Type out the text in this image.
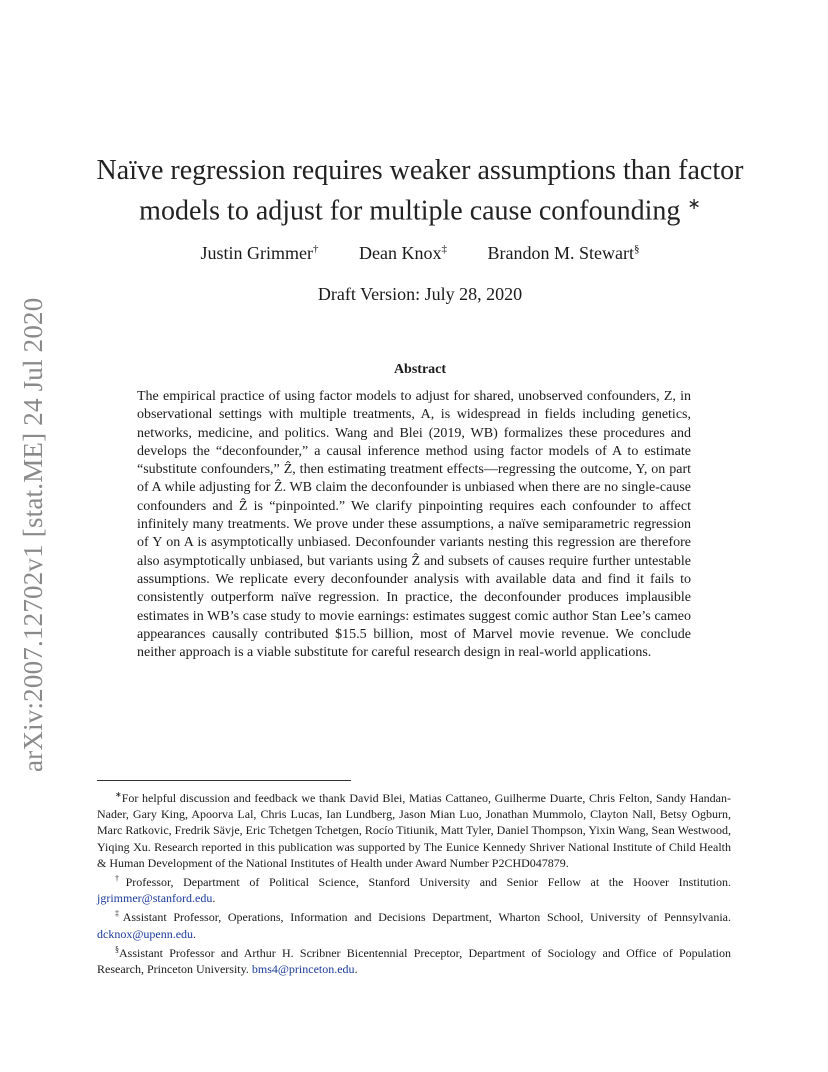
arXiv:2007.12702v1 [stat.ME] 24 Jul 2020
Naïve regression requires weaker assumptions than factor models to adjust for multiple cause confounding ∗
Justin Grimmer† Dean Knox‡ Brandon M. Stewart§
Draft Version: July 28, 2020
Abstract

The empirical practice of using factor models to adjust for shared, unobserved confounders, Z, in observational settings with multiple treatments, A, is widespread in fields including genetics, networks, medicine, and politics. Wang and Blei (2019, WB) formalizes these procedures and develops the “deconfounder,” a causal inference method using factor models of A to estimate “substitute confounders,” Ẑ, then estimating treatment effects—regressing the outcome, Y, on part of A while adjusting for Ẑ. WB claim the deconfounder is unbiased when there are no single-cause confounders and Ẑ is “pinpointed.” We clarify pinpointing requires each confounder to affect infinitely many treatments. We prove under these assumptions, a naïve semiparametric regression of Y on A is asymptotically unbiased. Deconfounder variants nesting this regression are therefore also asymptotically unbiased, but variants using Ẑ and subsets of causes require further untestable assumptions. We replicate every deconfounder analysis with available data and find it fails to consistently outperform naïve regression. In practice, the deconfounder produces implausible estimates in WB’s case study to movie earnings: estimates suggest comic author Stan Lee’s cameo appearances causally contributed $15.5 billion, most of Marvel movie revenue. We conclude neither approach is a viable substitute for careful research design in real-world applications.

∗For helpful discussion and feedback we thank David Blei, Matias Cattaneo, Guilherme Duarte, Chris Felton, Sandy Handan-Nader, Gary King, Apoorva Lal, Chris Lucas, Ian Lundberg, Jason Mian Luo, Jonathan Mummolo, Clayton Nall, Betsy Ogburn, Marc Ratkovic, Fredrik Sävje, Eric Tchetgen Tchetgen, Rocío Titiunik, Matt Tyler, Daniel Thompson, Yixin Wang, Sean Westwood, Yiqing Xu. Research reported in this publication was supported by The Eunice Kennedy Shriver National Institute of Child Health & Human Development of the National Institutes of Health under Award Number P2CHD047879.

†Professor, Department of Political Science, Stanford University and Senior Fellow at the Hoover Institution. jgrimmer@stanford.edu.

‡Assistant Professor, Operations, Information and Decisions Department, Wharton School, University of Pennsylvania. dcknox@upenn.edu.

§Assistant Professor and Arthur H. Scribner Bicentennial Preceptor, Department of Sociology and Office of Population Research, Princeton University. bms4@princeton.edu.
